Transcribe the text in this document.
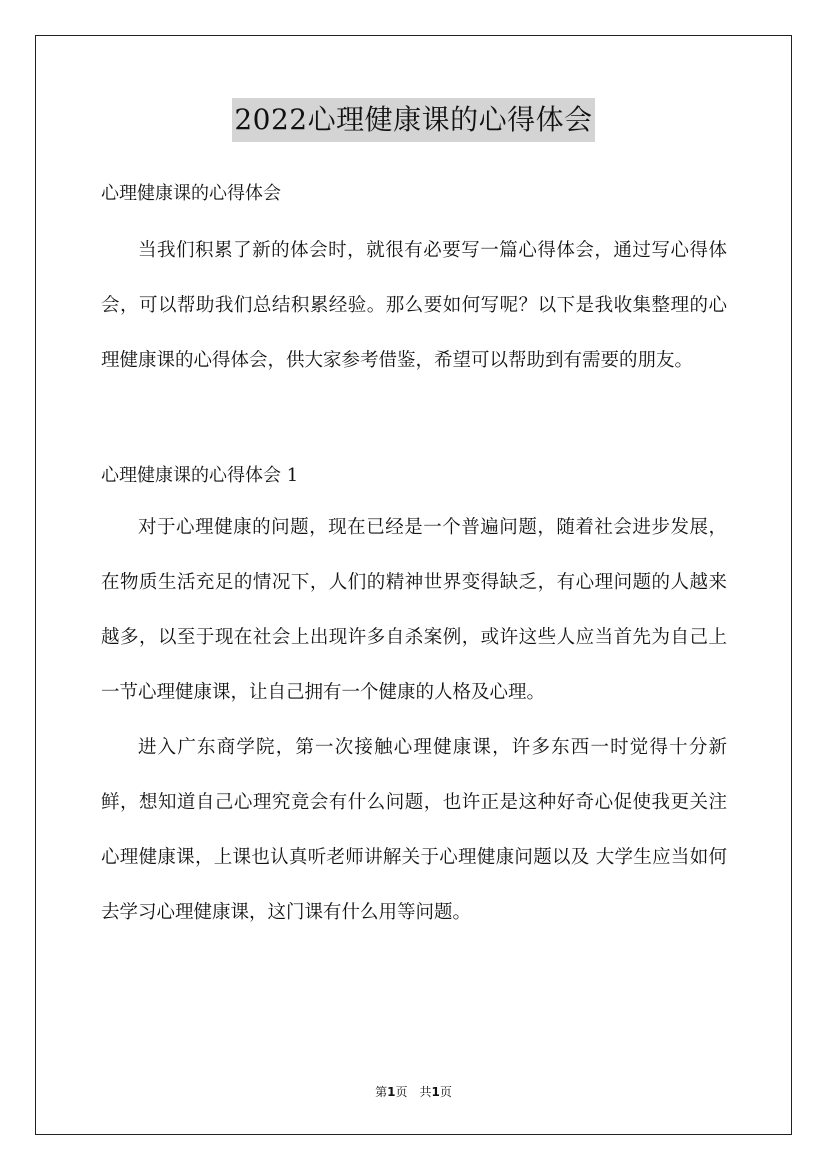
2022心理健康课的心得体会

心理健康课的心得体会

当我们积累了新的体会时，就很有必要写一篇心得体会，通过写心得体会，可以帮助我们总结积累经验。那么要如何写呢？以下是我收集整理的心理健康课的心得体会，供大家参考借鉴，希望可以帮助到有需要的朋友。

心理健康课的心得体会 1

对于心理健康的问题，现在已经是一个普遍问题，随着社会进步发展，在物质生活充足的情况下，人们的精神世界变得缺乏，有心理问题的人越来越多，以至于现在社会上出现许多自杀案例，或许这些人应当首先为自己上一节心理健康课，让自己拥有一个健康的人格及心理。

进入广东商学院，第一次接触心理健康课，许多东西一时觉得十分新鲜，想知道自己心理究竟会有什么问题，也许正是这种好奇心促使我更关注心理健康课，上课也认真听老师讲解关于心理健康问题以及 大学生应当如何去学习心理健康课，这门课有什么用等问题。

第1页　共1页
